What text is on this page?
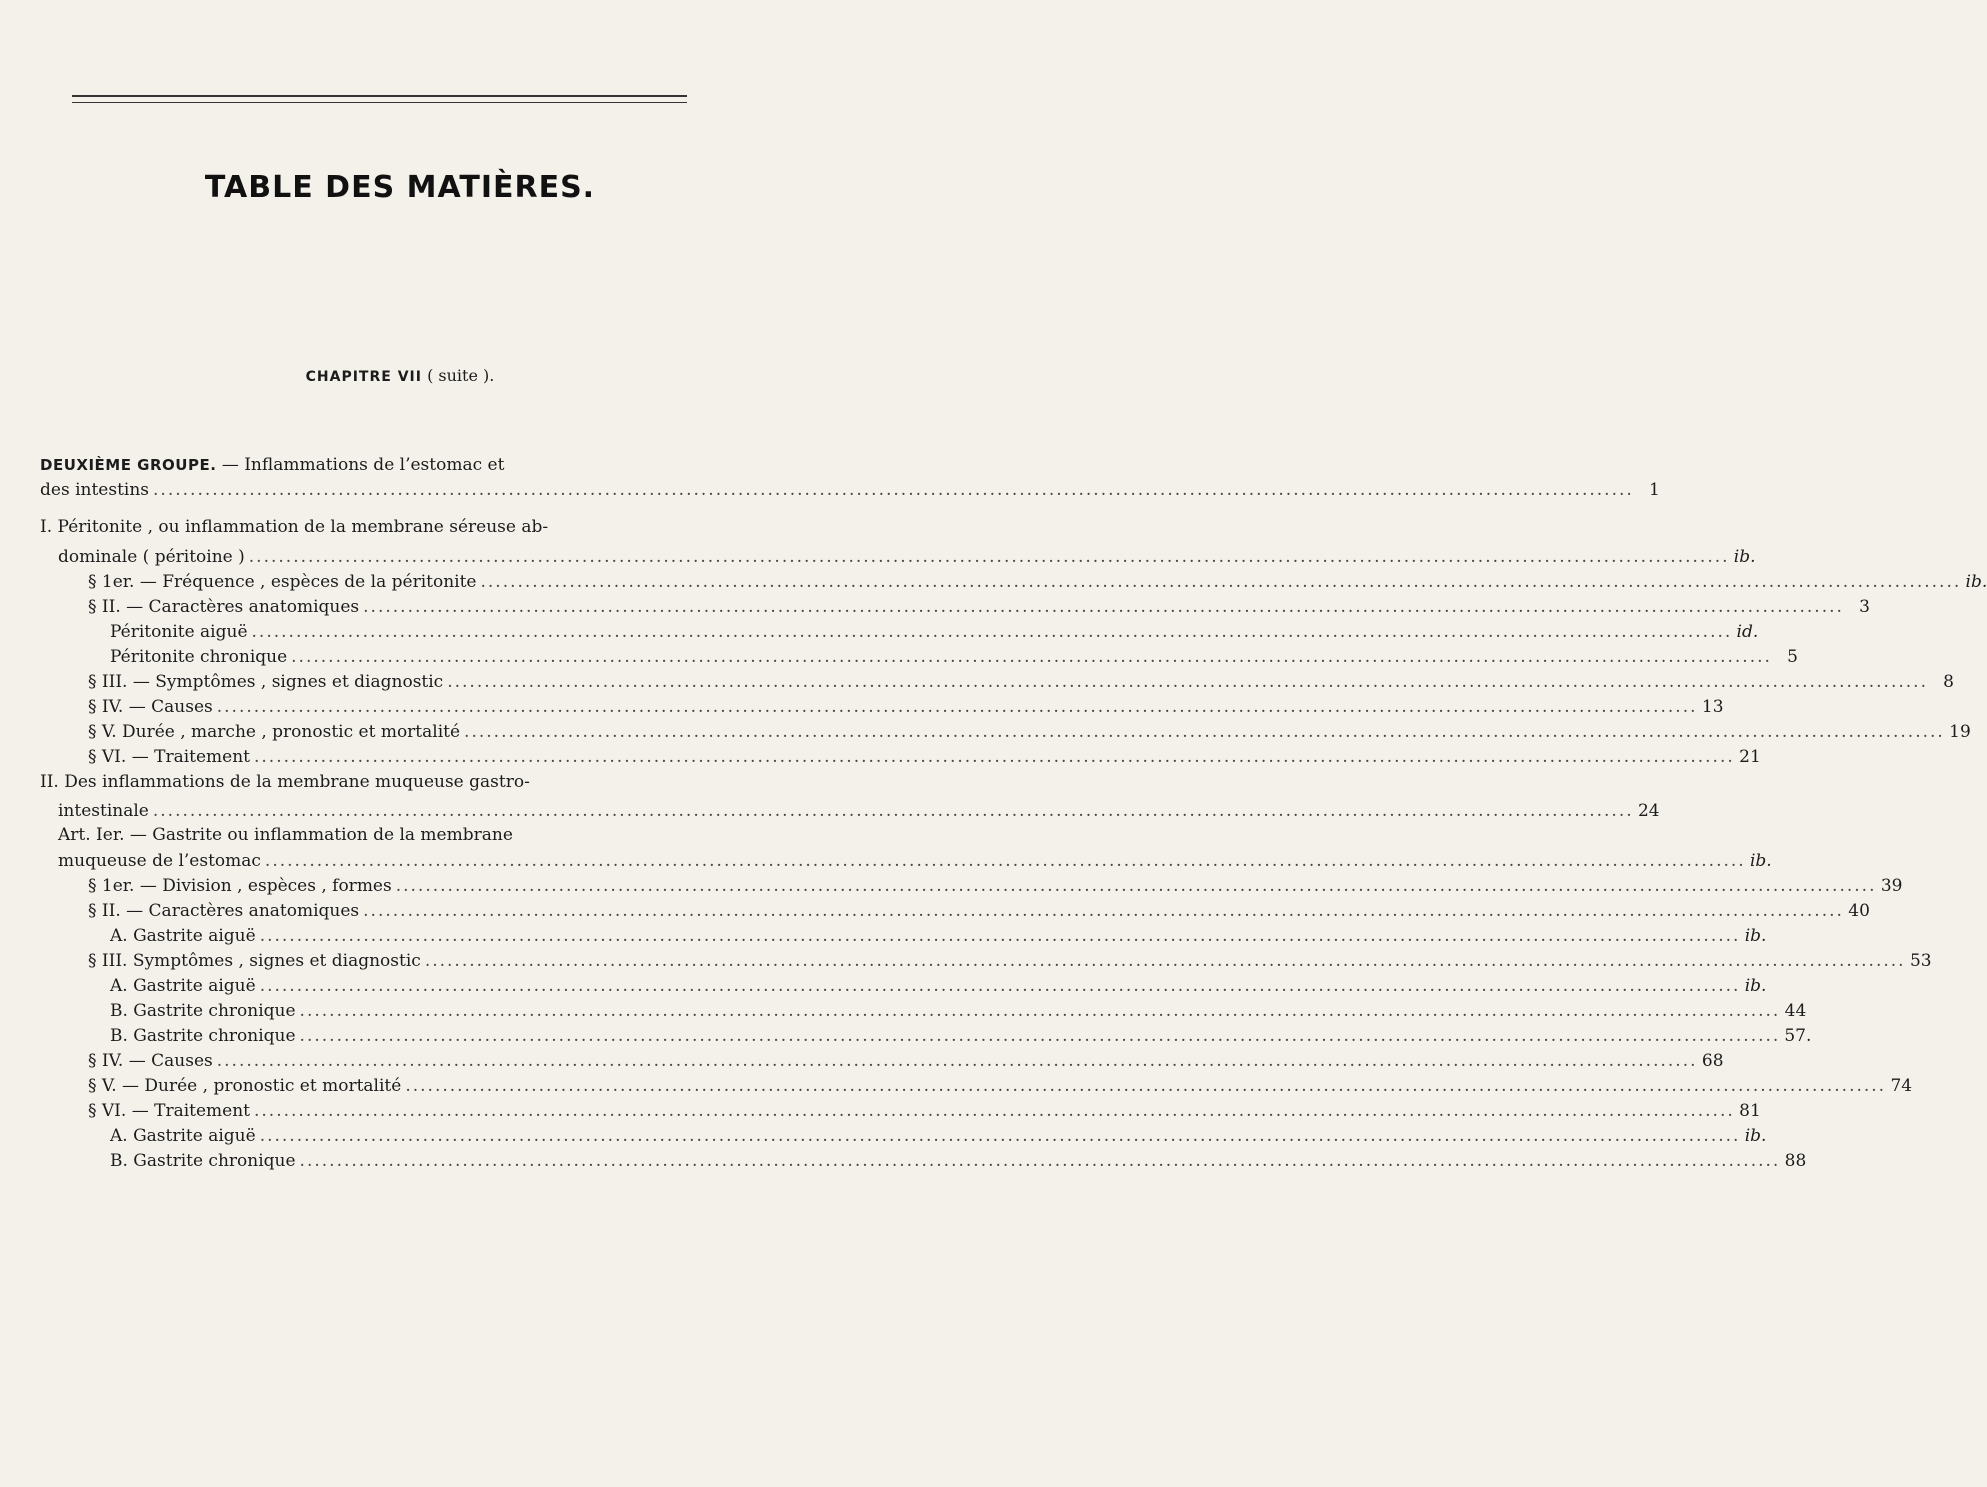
TABLE DES MATIÈRES.
CHAPITRE VII ( suite ).
DEUXIÈME GROUPE. — Inflammations de l’estomac et
des intestins ........................................................................................................................................................................................................ 1
I. Péritonite , ou inflammation de la membrane séreuse ab-
dominale ( péritoine ) ........................................................................................................................................................................................................ ib.
§ 1er. — Fréquence , espèces de la péritonite ........................................................................................................................................................................................................ ib.
§ II. — Caractères anatomiques ........................................................................................................................................................................................................ 3
Péritonite aiguë ........................................................................................................................................................................................................ id.
Péritonite chronique ........................................................................................................................................................................................................ 5
§ III. — Symptômes , signes et diagnostic ........................................................................................................................................................................................................ 8
§ IV. — Causes ........................................................................................................................................................................................................ 13
§ V. Durée , marche , pronostic et mortalité ........................................................................................................................................................................................................ 19
§ VI. — Traitement ........................................................................................................................................................................................................ 21
II. Des inflammations de la membrane muqueuse gastro-
intestinale ........................................................................................................................................................................................................ 24
Art. Ier. — Gastrite ou inflammation de la membrane
muqueuse de l’estomac ........................................................................................................................................................................................................ ib.
§ 1er. — Division , espèces , formes ........................................................................................................................................................................................................ 39
§ II. — Caractères anatomiques ........................................................................................................................................................................................................ 40
A. Gastrite aiguë ........................................................................................................................................................................................................ ib.
§ III. Symptômes , signes et diagnostic ........................................................................................................................................................................................................ 53
A. Gastrite aiguë ........................................................................................................................................................................................................ ib.
B. Gastrite chronique ........................................................................................................................................................................................................ 44
B. Gastrite chronique ........................................................................................................................................................................................................ 57.
§ IV. — Causes ........................................................................................................................................................................................................ 68
§ V. — Durée , pronostic et mortalité ........................................................................................................................................................................................................ 74
§ VI. — Traitement ........................................................................................................................................................................................................ 81
A. Gastrite aiguë ........................................................................................................................................................................................................ ib.
B. Gastrite chronique ........................................................................................................................................................................................................ 88
